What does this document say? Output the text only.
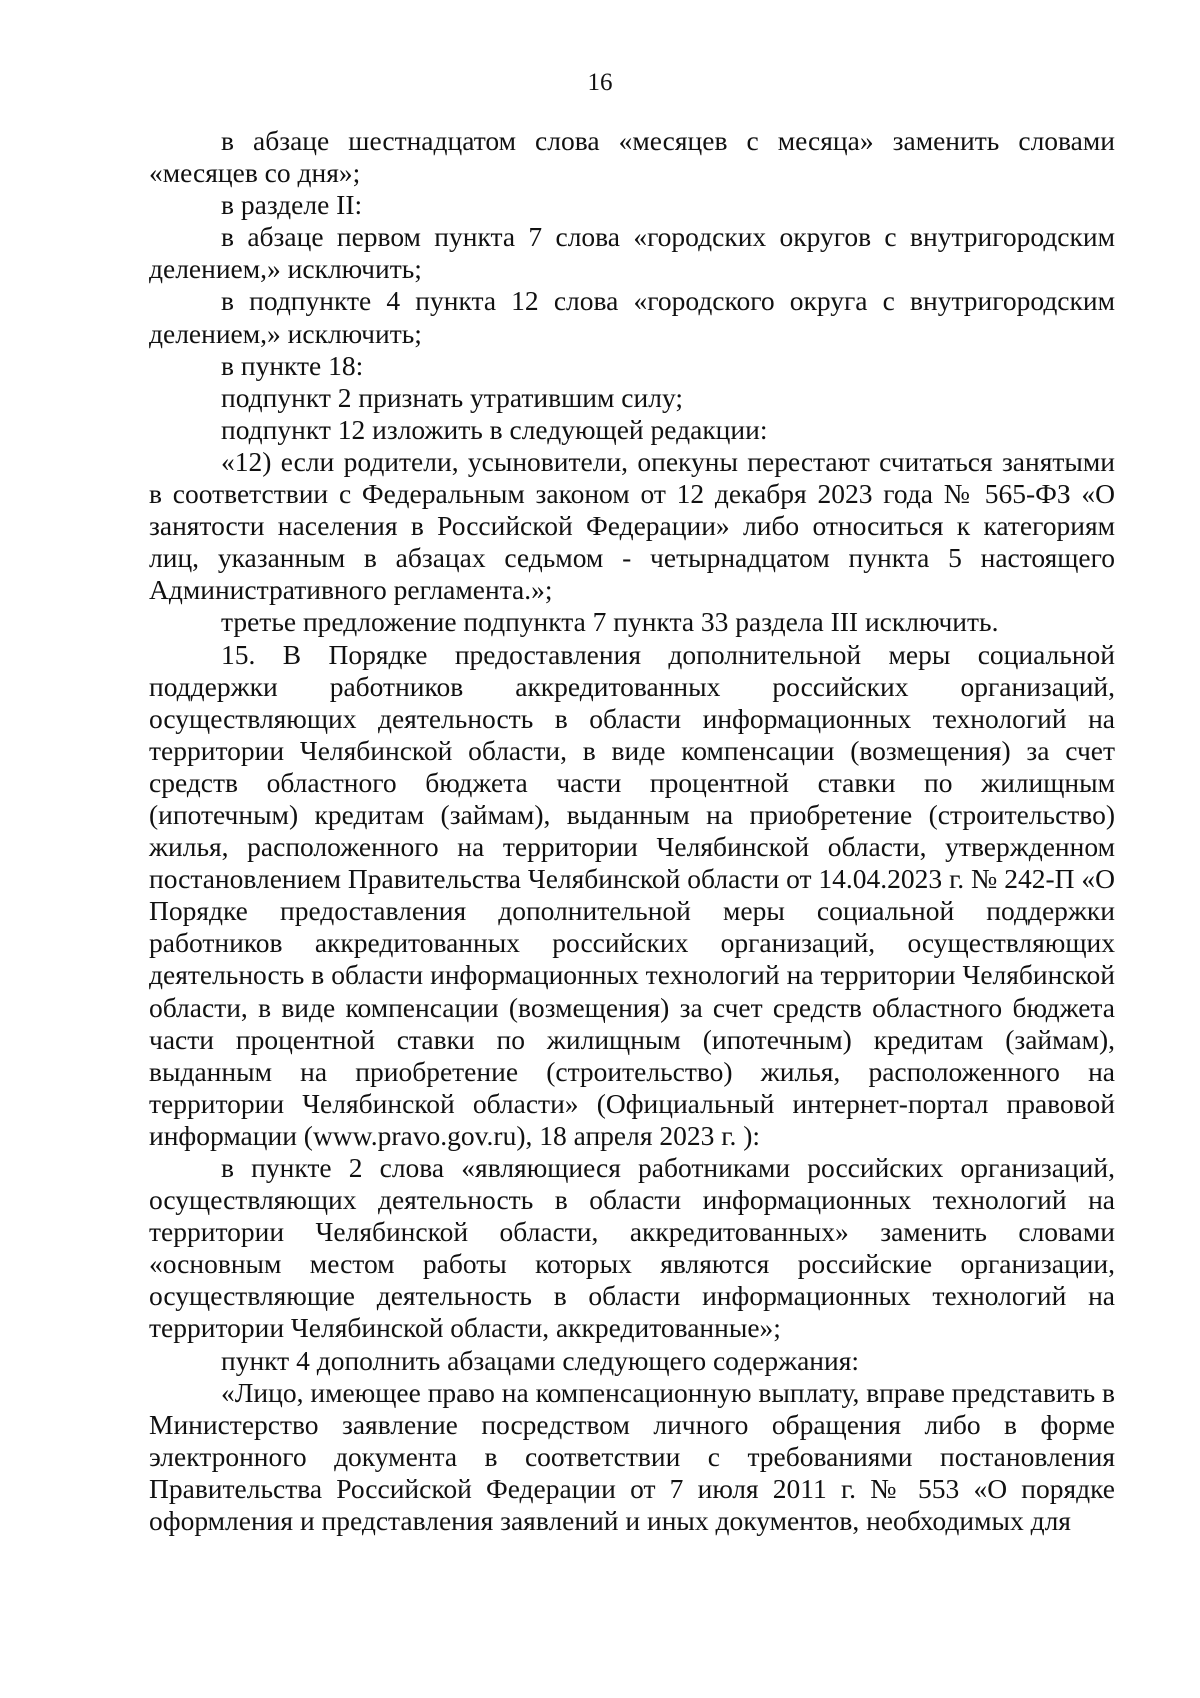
16

в абзаце шестнадцатом слова «месяцев с месяца» заменить словами «месяцев со дня»;

в разделе II:

в абзаце первом пункта 7 слова «городских округов с внутригородским делением,» исключить;

в подпункте 4 пункта 12 слова «городского округа с внутригородским делением,» исключить;

в пункте 18:

подпункт 2 признать утратившим силу;

подпункт 12 изложить в следующей редакции:

«12) если родители, усыновители, опекуны перестают считаться занятыми в соответствии с Федеральным законом от 12 декабря 2023 года № 565-ФЗ «О занятости населения в Российской Федерации» либо относиться к категориям лиц, указанным в абзацах седьмом - четырнадцатом пункта 5 настоящего Административного регламента.»;

третье предложение подпункта 7 пункта 33 раздела III исключить.

15. В Порядке предоставления дополнительной меры социальной поддержки работников аккредитованных российских организаций, осуществляющих деятельность в области информационных технологий на территории Челябинской области, в виде компенсации (возмещения) за счет средств областного бюджета части процентной ставки по жилищным (ипотечным) кредитам (займам), выданным на приобретение (строительство) жилья, расположенного на территории Челябинской области, утвержденном постановлением Правительства Челябинской области от 14.04.2023 г. № 242-П «О Порядке предоставления дополнительной меры социальной поддержки работников аккредитованных российских организаций, осуществляющих деятельность в области информационных технологий на территории Челябинской области, в виде компенсации (возмещения) за счет средств областного бюджета части процентной ставки по жилищным (ипотечным) кредитам (займам), выданным на приобретение (строительство) жилья, расположенного на территории Челябинской области» (Официальный интернет-портал правовой информации (www.pravo.gov.ru), 18 апреля 2023 г. ):

в пункте 2 слова «являющиеся работниками российских организаций, осуществляющих деятельность в области информационных технологий на территории Челябинской области, аккредитованных» заменить словами «основным местом работы которых являются российские организации, осуществляющие деятельность в области информационных технологий на территории Челябинской области, аккредитованные»;

пункт 4 дополнить абзацами следующего содержания:

«Лицо, имеющее право на компенсационную выплату, вправе представить в Министерство заявление посредством личного обращения либо в форме электронного документа в соответствии с требованиями постановления Правительства Российской Федерации от 7 июля 2011 г. № 553 «О порядке оформления и представления заявлений и иных документов, необходимых для
